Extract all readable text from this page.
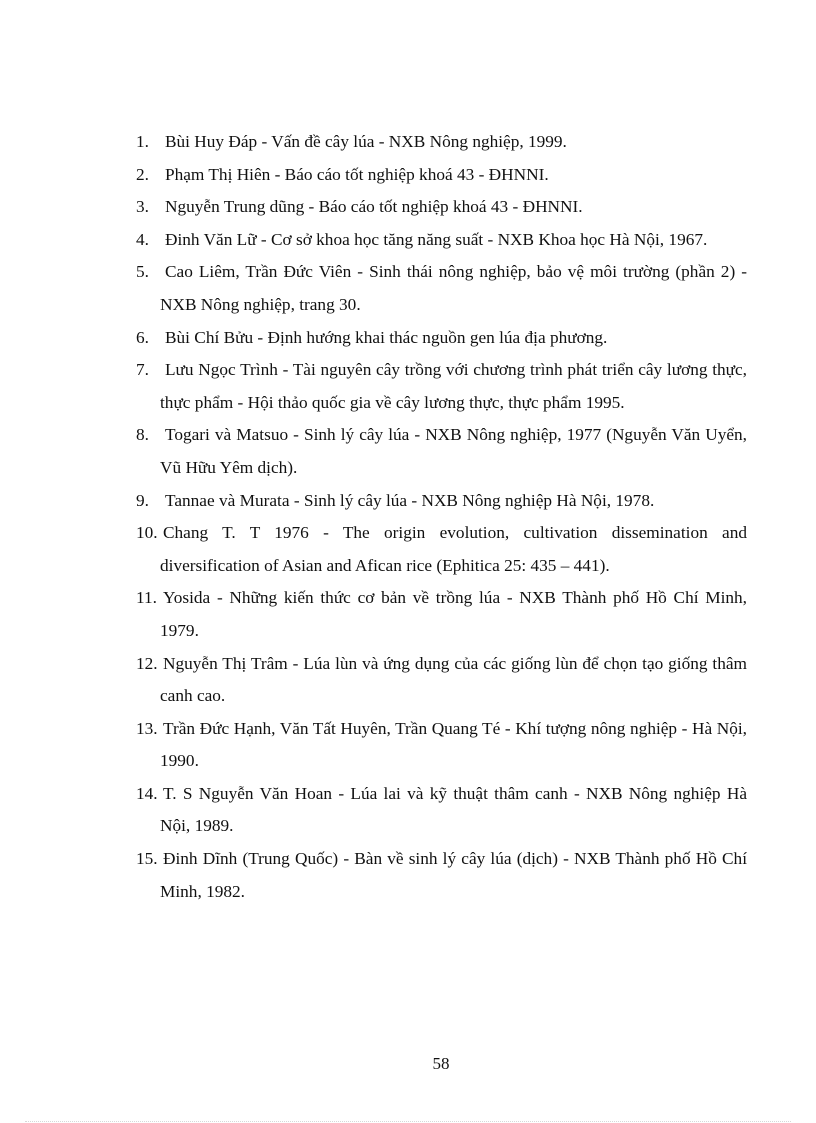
1. Bùi Huy Đáp - Vấn đề cây lúa - NXB Nông nghiệp, 1999.
2. Phạm Thị Hiên - Báo cáo tốt nghiệp khoá 43 - ĐHNNI.
3. Nguyễn Trung dũng - Báo cáo tốt nghiệp khoá 43 - ĐHNNI.
4. Đinh Văn Lữ - Cơ sở khoa học tăng năng suất - NXB Khoa học Hà Nội, 1967.
5. Cao Liêm, Trần Đức Viên - Sinh thái nông nghiệp, bảo vệ môi trường (phần 2) - NXB Nông nghiệp, trang 30.
6. Bùi Chí Bửu - Định hướng khai thác nguồn gen lúa địa phương.
7. Lưu Ngọc Trình - Tài nguyên cây trồng với chương trình phát triển cây lương thực, thực phẩm - Hội thảo quốc gia về cây lương thực, thực phẩm 1995.
8. Togari và Matsuo - Sinh lý cây lúa - NXB Nông nghiệp, 1977 (Nguyễn Văn Uyển, Vũ Hữu Yêm dịch).
9. Tannae và Murata - Sinh lý cây lúa - NXB Nông nghiệp Hà Nội, 1978.
10. Chang T. T 1976 - The origin evolution, cultivation dissemination and diversification of Asian and Afican rice (Ephitica 25: 435 – 441).
11. Yosida - Những kiến thức cơ bản về trồng lúa - NXB Thành phố Hồ Chí Minh, 1979.
12. Nguyễn Thị Trâm - Lúa lùn và ứng dụng của các giống lùn để chọn tạo giống thâm canh cao.
13. Trần Đức Hạnh, Văn Tất Huyên, Trần Quang Té - Khí tượng nông nghiệp - Hà Nội, 1990.
14. T. S Nguyễn Văn Hoan - Lúa lai và kỹ thuật thâm canh - NXB Nông nghiệp Hà Nội, 1989.
15. Đinh Dĩnh (Trung Quốc) - Bàn về sinh lý cây lúa (dịch) - NXB Thành phố Hồ Chí Minh, 1982.
58
